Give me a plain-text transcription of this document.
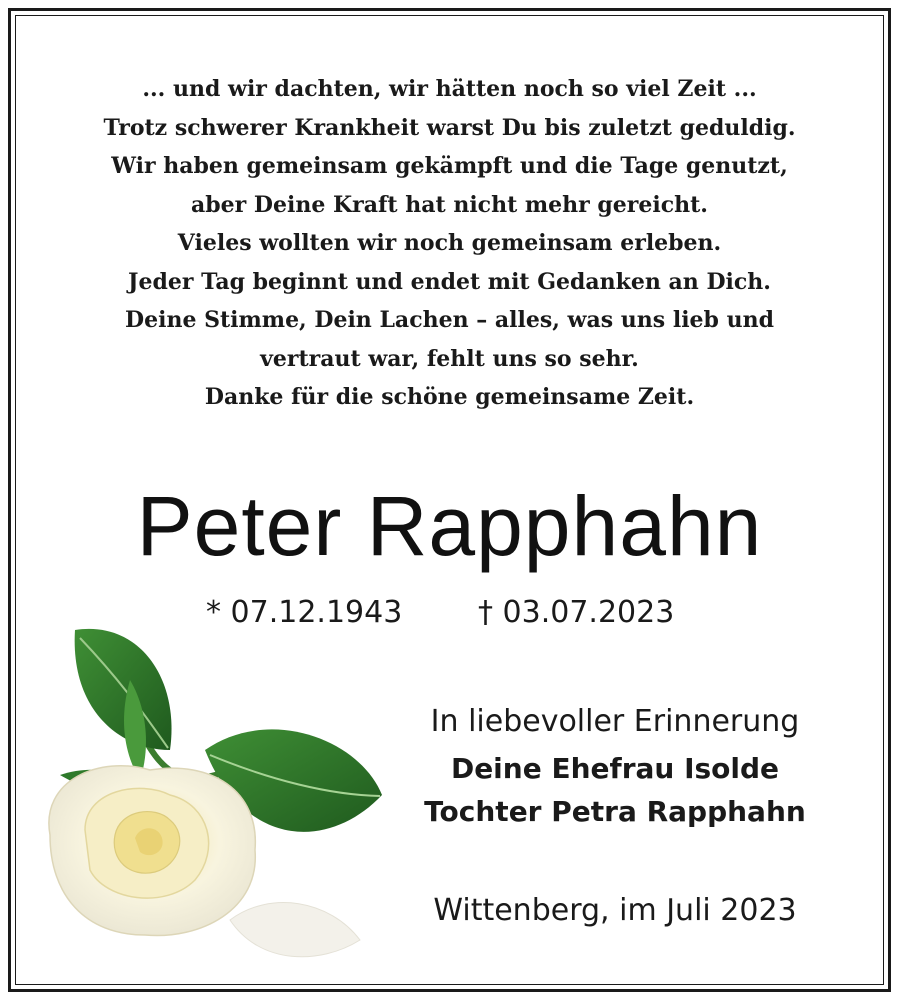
... und wir dachten, wir hätten noch so viel Zeit ...
Trotz schwerer Krankheit warst Du bis zuletzt geduldig.
Wir haben gemeinsam gekämpft und die Tage genutzt,
aber Deine Kraft hat nicht mehr gereicht.
Vieles wollten wir noch gemeinsam erleben.
Jeder Tag beginnt und endet mit Gedanken an Dich.
Deine Stimme, Dein Lachen – alles, was uns lieb und
vertraut war, fehlt uns so sehr.
Danke für die schöne gemeinsame Zeit.
Peter Rapphahn
* 07.12.1943	† 03.07.2023
In liebevoller Erinnerung
Deine Ehefrau Isolde
Tochter Petra Rapphahn
Wittenberg, im Juli 2023
